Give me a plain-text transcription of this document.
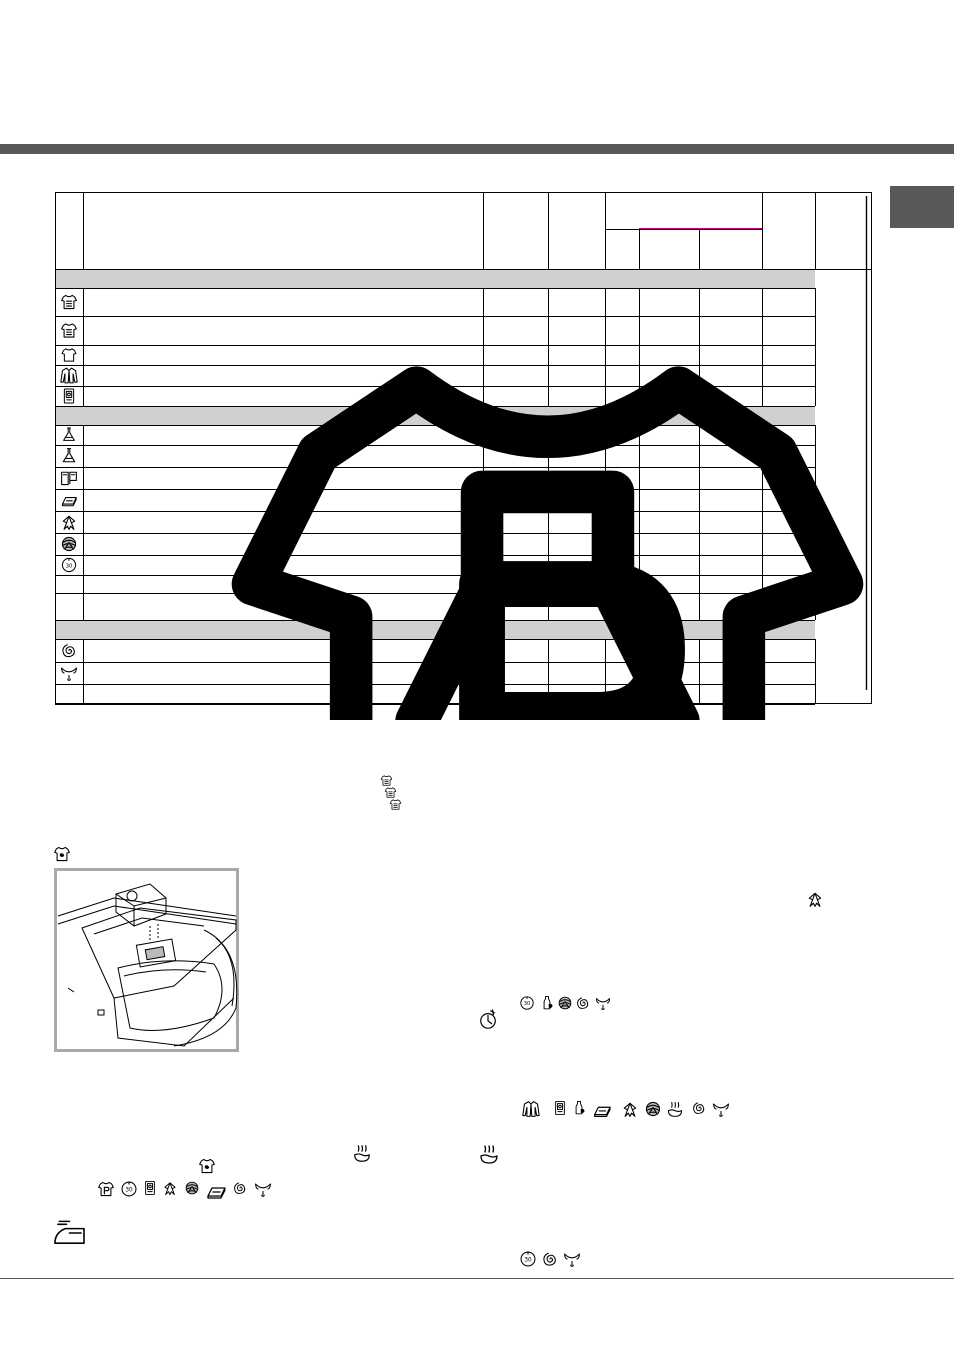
W
30
30	W
W
30	W
30
